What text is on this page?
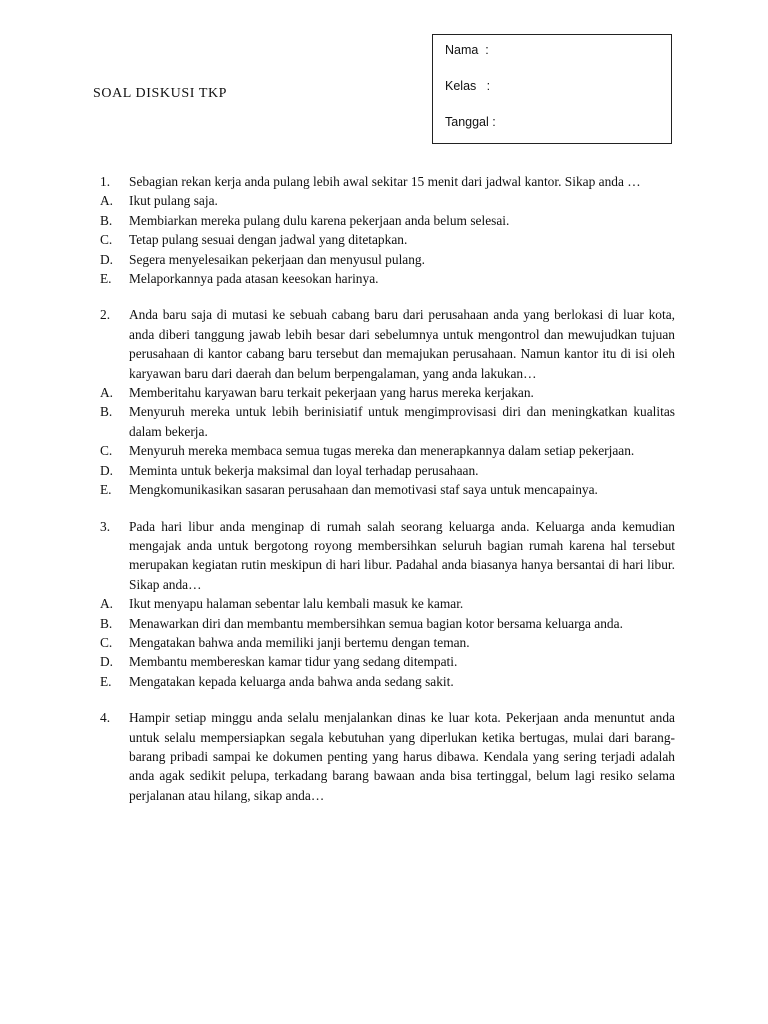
Nama  :
Kelas   :
Tanggal :
SOAL DISKUSI TKP
1.	Sebagian rekan kerja anda pulang lebih awal sekitar 15 menit dari jadwal kantor. Sikap anda …
A.	Ikut pulang saja.
B.	Membiarkan mereka pulang dulu karena pekerjaan anda belum selesai.
C.	Tetap pulang sesuai dengan jadwal yang ditetapkan.
D.	Segera menyelesaikan pekerjaan dan menyusul pulang.
E.	Melaporkannya pada atasan keesokan harinya.
2.	Anda baru saja di mutasi ke sebuah cabang baru dari perusahaan anda yang berlokasi di luar kota, anda diberi tanggung jawab lebih besar dari sebelumnya untuk mengontrol dan mewujudkan tujuan perusahaan di kantor cabang baru tersebut dan memajukan perusahaan. Namun kantor itu di isi oleh karyawan baru dari daerah dan belum berpengalaman, yang anda lakukan…
A.	Memberitahu karyawan baru terkait pekerjaan yang harus mereka kerjakan.
B.	Menyuruh mereka untuk lebih berinisiatif untuk mengimprovisasi diri dan meningkatkan kualitas dalam bekerja.
C.	Menyuruh mereka membaca semua tugas mereka dan menerapkannya dalam setiap pekerjaan.
D.	Meminta untuk bekerja maksimal dan loyal terhadap perusahaan.
E.	Mengkomunikasikan sasaran perusahaan dan memotivasi staf saya untuk mencapainya.
3.	Pada hari libur anda menginap di rumah salah seorang keluarga anda. Keluarga anda kemudian mengajak anda untuk bergotong royong membersihkan seluruh bagian rumah karena hal tersebut merupakan kegiatan rutin meskipun di hari libur. Padahal anda biasanya hanya bersantai di hari libur. Sikap anda…
A.	Ikut menyapu halaman sebentar lalu kembali masuk ke kamar.
B.	Menawarkan diri dan membantu membersihkan semua bagian kotor bersama keluarga anda.
C.	Mengatakan bahwa anda memiliki janji bertemu dengan teman.
D.	Membantu membereskan kamar tidur yang sedang ditempati.
E.	Mengatakan kepada keluarga anda bahwa anda sedang sakit.
4.	Hampir setiap minggu anda selalu menjalankan dinas ke luar kota. Pekerjaan anda menuntut anda untuk selalu mempersiapkan segala kebutuhan yang diperlukan ketika bertugas, mulai dari barang-barang pribadi sampai ke dokumen penting yang harus dibawa. Kendala yang sering terjadi adalah anda agak sedikit pelupa, terkadang barang bawaan anda bisa tertinggal, belum lagi resiko selama perjalanan atau hilang, sikap anda…
